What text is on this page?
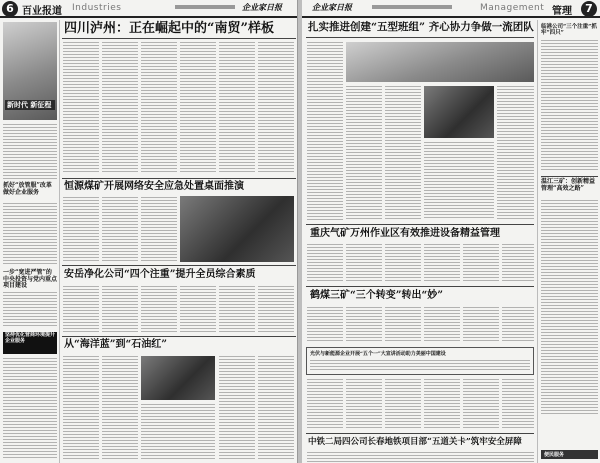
6 百业报道 Industries	企业家日报
新时代 新征程
抓好“放管服”改革 做好企业服务
一步“宽进严管”的中央投资与党内重点项目建设
坚持优化营商环境提升企业服务
四川泸州：正在崛起中的“南贸”样板
恒源煤矿开展网络安全应急处置桌面推演
安岳净化公司“四个注重”提升全员综合素质
从“海洋蓝”到“石油红”
企业家日报	Management 管理	7
扎实推进创建“五型班组” 齐心协力争做一流团队
重庆气矿万州作业区有效推进设备精益管理
鹤煤三矿“三个转变”转出“妙”
光伏与新能源企业开展“五个一”大宣讲活动助力美丽中国建设
中铁二局四公司长春地铁项目部“五道关卡”筑牢安全屏障
临港公司“三个注重”抓牢“四只”
温江三矿：创新精益管理“高效之路”
便民服务
